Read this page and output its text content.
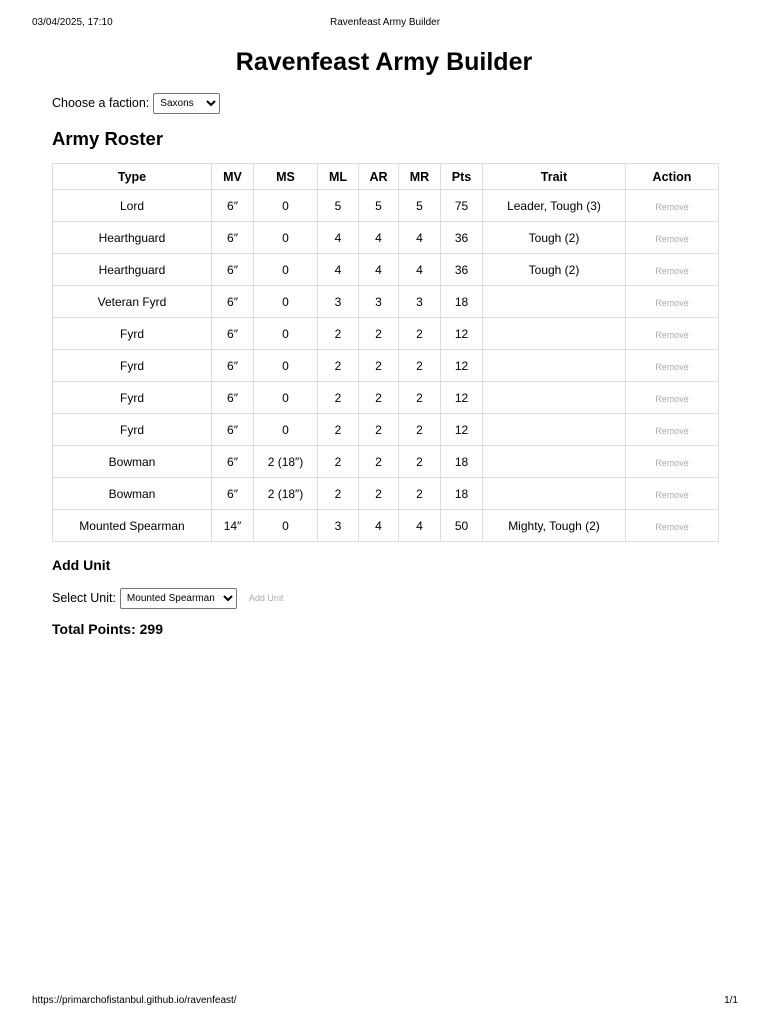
03/04/2025, 17:10	Ravenfeast Army Builder
Ravenfeast Army Builder
Choose a faction:
Saxons
Army Roster
Type	MV	MS	ML	AR	MR	Pts	Trait	Action
Lord	6″	0	5	5	5	75	Leader, Tough (3)	Remove
Hearthguard	6″	0	4	4	4	36	Tough (2)	Remove
Hearthguard	6″	0	4	4	4	36	Tough (2)	Remove
Veteran Fyrd	6″	0	3	3	3	18		Remove
Fyrd	6″	0	2	2	2	12		Remove
Fyrd	6″	0	2	2	2	12		Remove
Fyrd	6″	0	2	2	2	12		Remove
Fyrd	6″	0	2	2	2	12		Remove
Bowman	6″	2 (18″)	2	2	2	18		Remove
Bowman	6″	2 (18″)	2	2	2	18		Remove
Mounted Spearman	14″	0	3	4	4	50	Mighty, Tough (2)	Remove
Add Unit
Select Unit:
Mounted Spearman	Add Unit
Total Points: 299
https://primarchofistanbul.github.io/ravenfeast/	1/1
